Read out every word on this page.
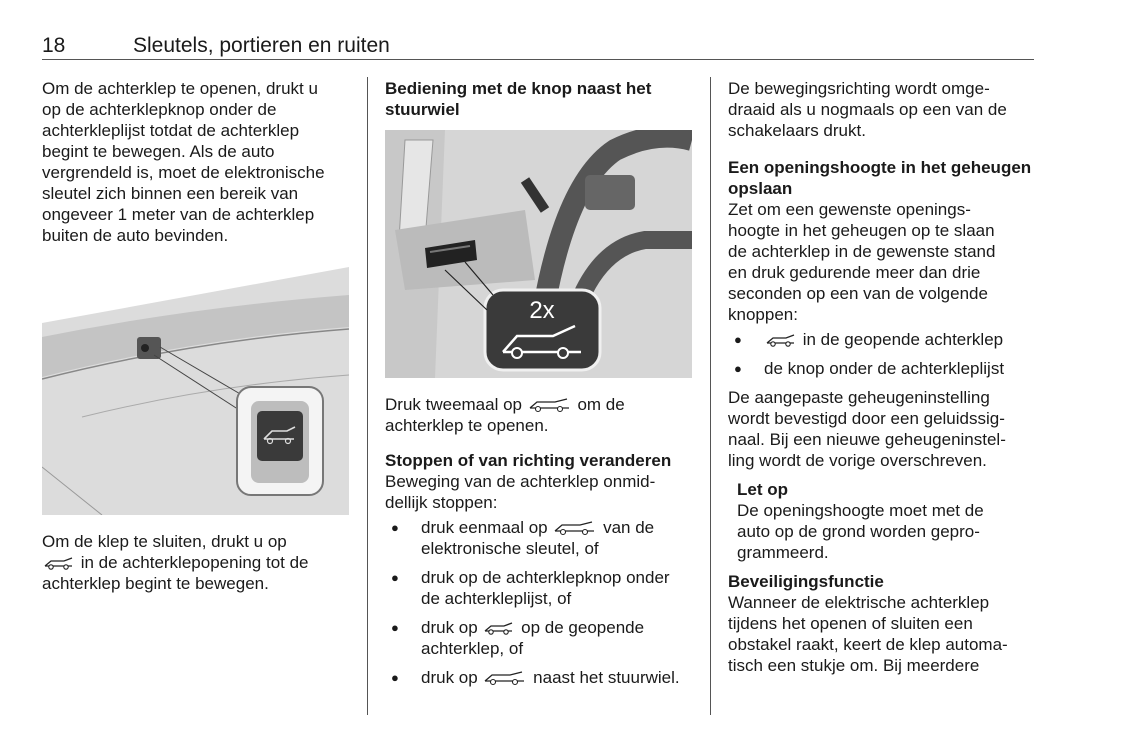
18	Sleutels, portieren en ruiten

Om de achterklep te openen, drukt u
op de achterklepknop onder de
achterkleplijst totdat de achterklep
begint te bewegen. Als de auto
vergrendeld is, moet de elektronische
sleutel zich binnen een bereik van
ongeveer 1 meter van de achterklep
buiten de auto bevinden.

Om de klep te sluiten, drukt u op
in de achterklepopening tot de
achterklep begint te bewegen.

Bediening met de knop naast het
stuurwiel

2x

Druk tweemaal op	om de
achterklep te openen.

Stoppen of van richting veranderen
Beweging van de achterklep onmid-
dellijk stoppen:

● druk eenmaal op	van de
elektronische sleutel, of
● druk op de achterklepknop onder
de achterkleplijst, of
● druk op  op de geopende
achterklep, of
● druk op	naast het stuurwiel.

De bewegingsrichting wordt omge-
draaid als u nogmaals op een van de
schakelaars drukt.

Een openingshoogte in het geheugen
opslaan
Zet om een gewenste openings-
hoogte in het geheugen op te slaan
de achterklep in de gewenste stand
en druk gedurende meer dan drie
seconden op een van de volgende
knoppen:

● in de geopende achterklep
● de knop onder de achterkleplijst

De aangepaste geheugeninstelling
wordt bevestigd door een geluidssig-
naal. Bij een nieuwe geheugeninstel-
ling wordt de vorige overschreven.

Let op
De openingshoogte moet met de
auto op de grond worden gepro-
grammeerd.

Beveiligingsfunctie
Wanneer de elektrische achterklep
tijdens het openen of sluiten een
obstakel raakt, keert de klep automa-
tisch een stukje om. Bij meerdere
